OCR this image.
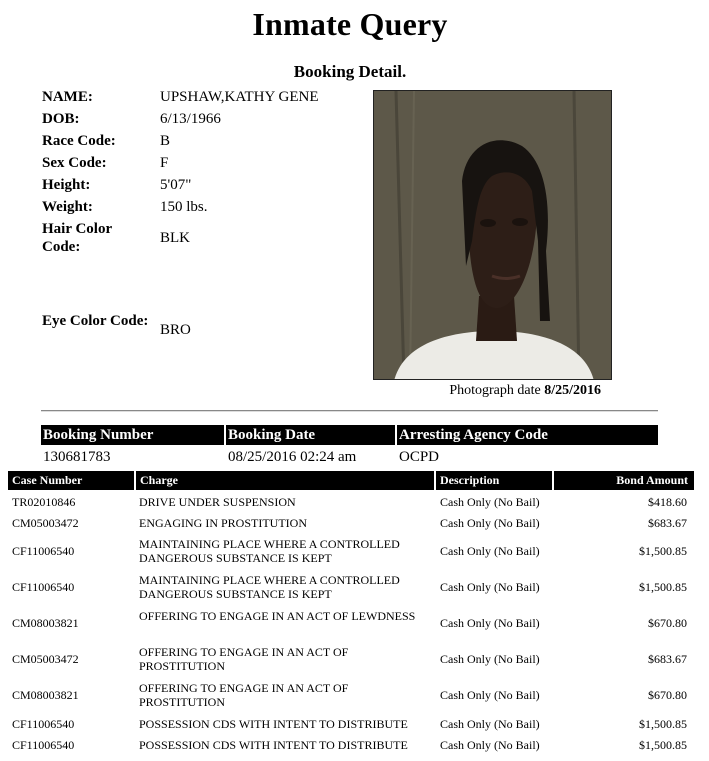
Inmate Query
Booking Detail.
NAME:	UPSHAW,KATHY GENE
DOB:	6/13/1966
Race Code:	B
Sex Code:	F
Height:	5'07"
Weight:	150 lbs.
Hair Color Code:
BLK
Eye Color Code:
BRO
Photograph date 8/25/2016
Booking Number	Booking Date	Arresting Agency Code
130681783	08/25/2016 02:24 am	OCPD
Case Number	Charge	Description	Bond Amount
TR02010846	DRIVE UNDER SUSPENSION	Cash Only (No Bail)	$418.60
CM05003472	ENGAGING IN PROSTITUTION	Cash Only (No Bail)	$683.67
CF11006540	MAINTAINING PLACE WHERE A CONTROLLED DANGEROUS SUBSTANCE IS KEPT	Cash Only (No Bail)	$1,500.85
CF11006540	MAINTAINING PLACE WHERE A CONTROLLED DANGEROUS SUBSTANCE IS KEPT	Cash Only (No Bail)	$1,500.85
CM08003821	OFFERING TO ENGAGE IN AN ACT OF LEWDNESS	Cash Only (No Bail)	$670.80
CM05003472	OFFERING TO ENGAGE IN AN ACT OF PROSTITUTION	Cash Only (No Bail)	$683.67
CM08003821	OFFERING TO ENGAGE IN AN ACT OF PROSTITUTION	Cash Only (No Bail)	$670.80
CF11006540	POSSESSION CDS WITH INTENT TO DISTRIBUTE	Cash Only (No Bail)	$1,500.85
CF11006540	POSSESSION CDS WITH INTENT TO DISTRIBUTE	Cash Only (No Bail)	$1,500.85
